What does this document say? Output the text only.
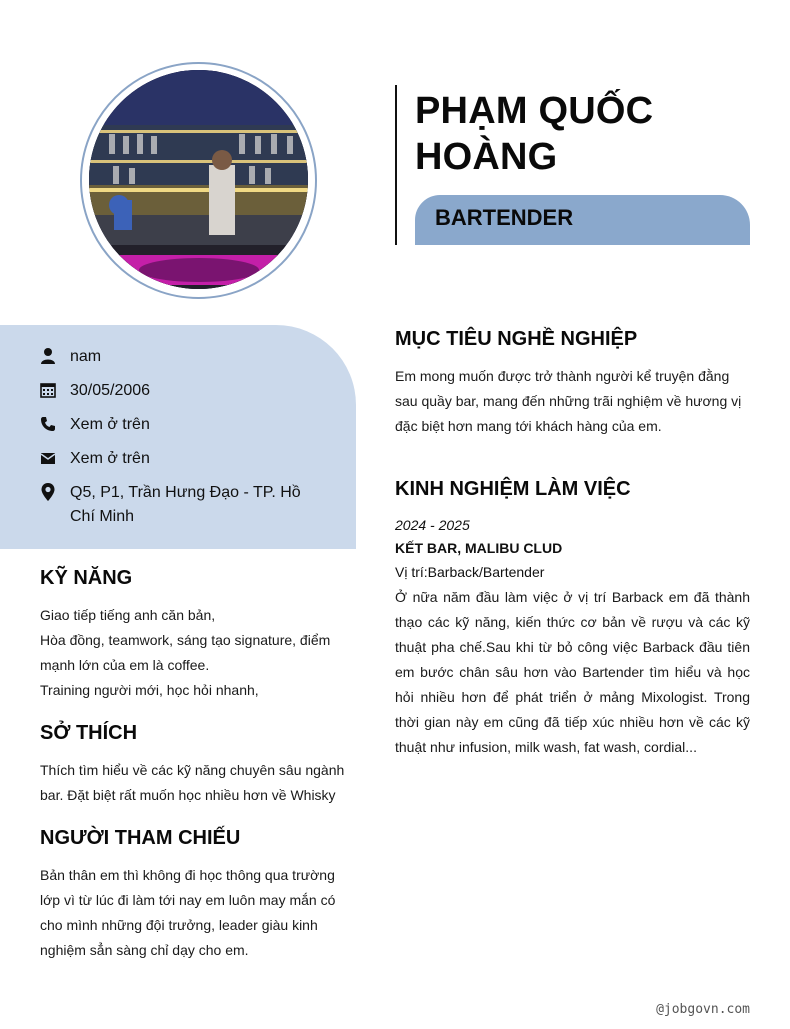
PHẠM QUỐC HOÀNG
BARTENDER
nam
30/05/2006
Xem ở trên
Xem ở trên
Q5, P1, Trần Hưng Đạo - TP. Hồ Chí Minh
KỸ NĂNG
Giao tiếp tiếng anh căn bản,
Hòa đồng, teamwork, sáng tạo signature, điểm mạnh lớn của em là coffee.
Training người mới, học hỏi nhanh,
SỞ THÍCH
Thích tìm hiểu về các kỹ năng chuyên sâu ngành bar. Đặt biệt rất muốn học nhiều hơn về Whisky
NGƯỜI THAM CHIẾU
Bản thân em thì không đi học thông qua trường lớp vì từ lúc đi làm tới nay em luôn may mắn có cho mình những đội trưởng, leader giàu kinh nghiệm sẳn sàng chỉ dạy cho em.
MỤC TIÊU NGHỀ NGHIỆP
Em mong muốn được trở thành người kể truyện đằng sau quầy bar, mang đến những trãi nghiệm về hương vị đặc biệt hơn mang tới khách hàng của em.
KINH NGHIỆM LÀM VIỆC
2024 - 2025
KẾT BAR, MALIBU CLUD
Vị trí:Barback/Bartender
Ở nữa năm đầu làm việc ở vị trí Barback em đã thành thạo các kỹ năng, kiến thức cơ bản về rượu và các kỹ thuật pha chế.Sau khi từ bỏ công việc Barback đầu tiên em bước chân sâu hơn vào Bartender tìm hiểu và học hỏi nhiều hơn để phát triển ở mảng Mixologist. Trong thời gian này em cũng đã tiếp xúc nhiều hơn về các kỹ thuật như infusion, milk wash, fat wash, cordial...
@jobgovn.com
